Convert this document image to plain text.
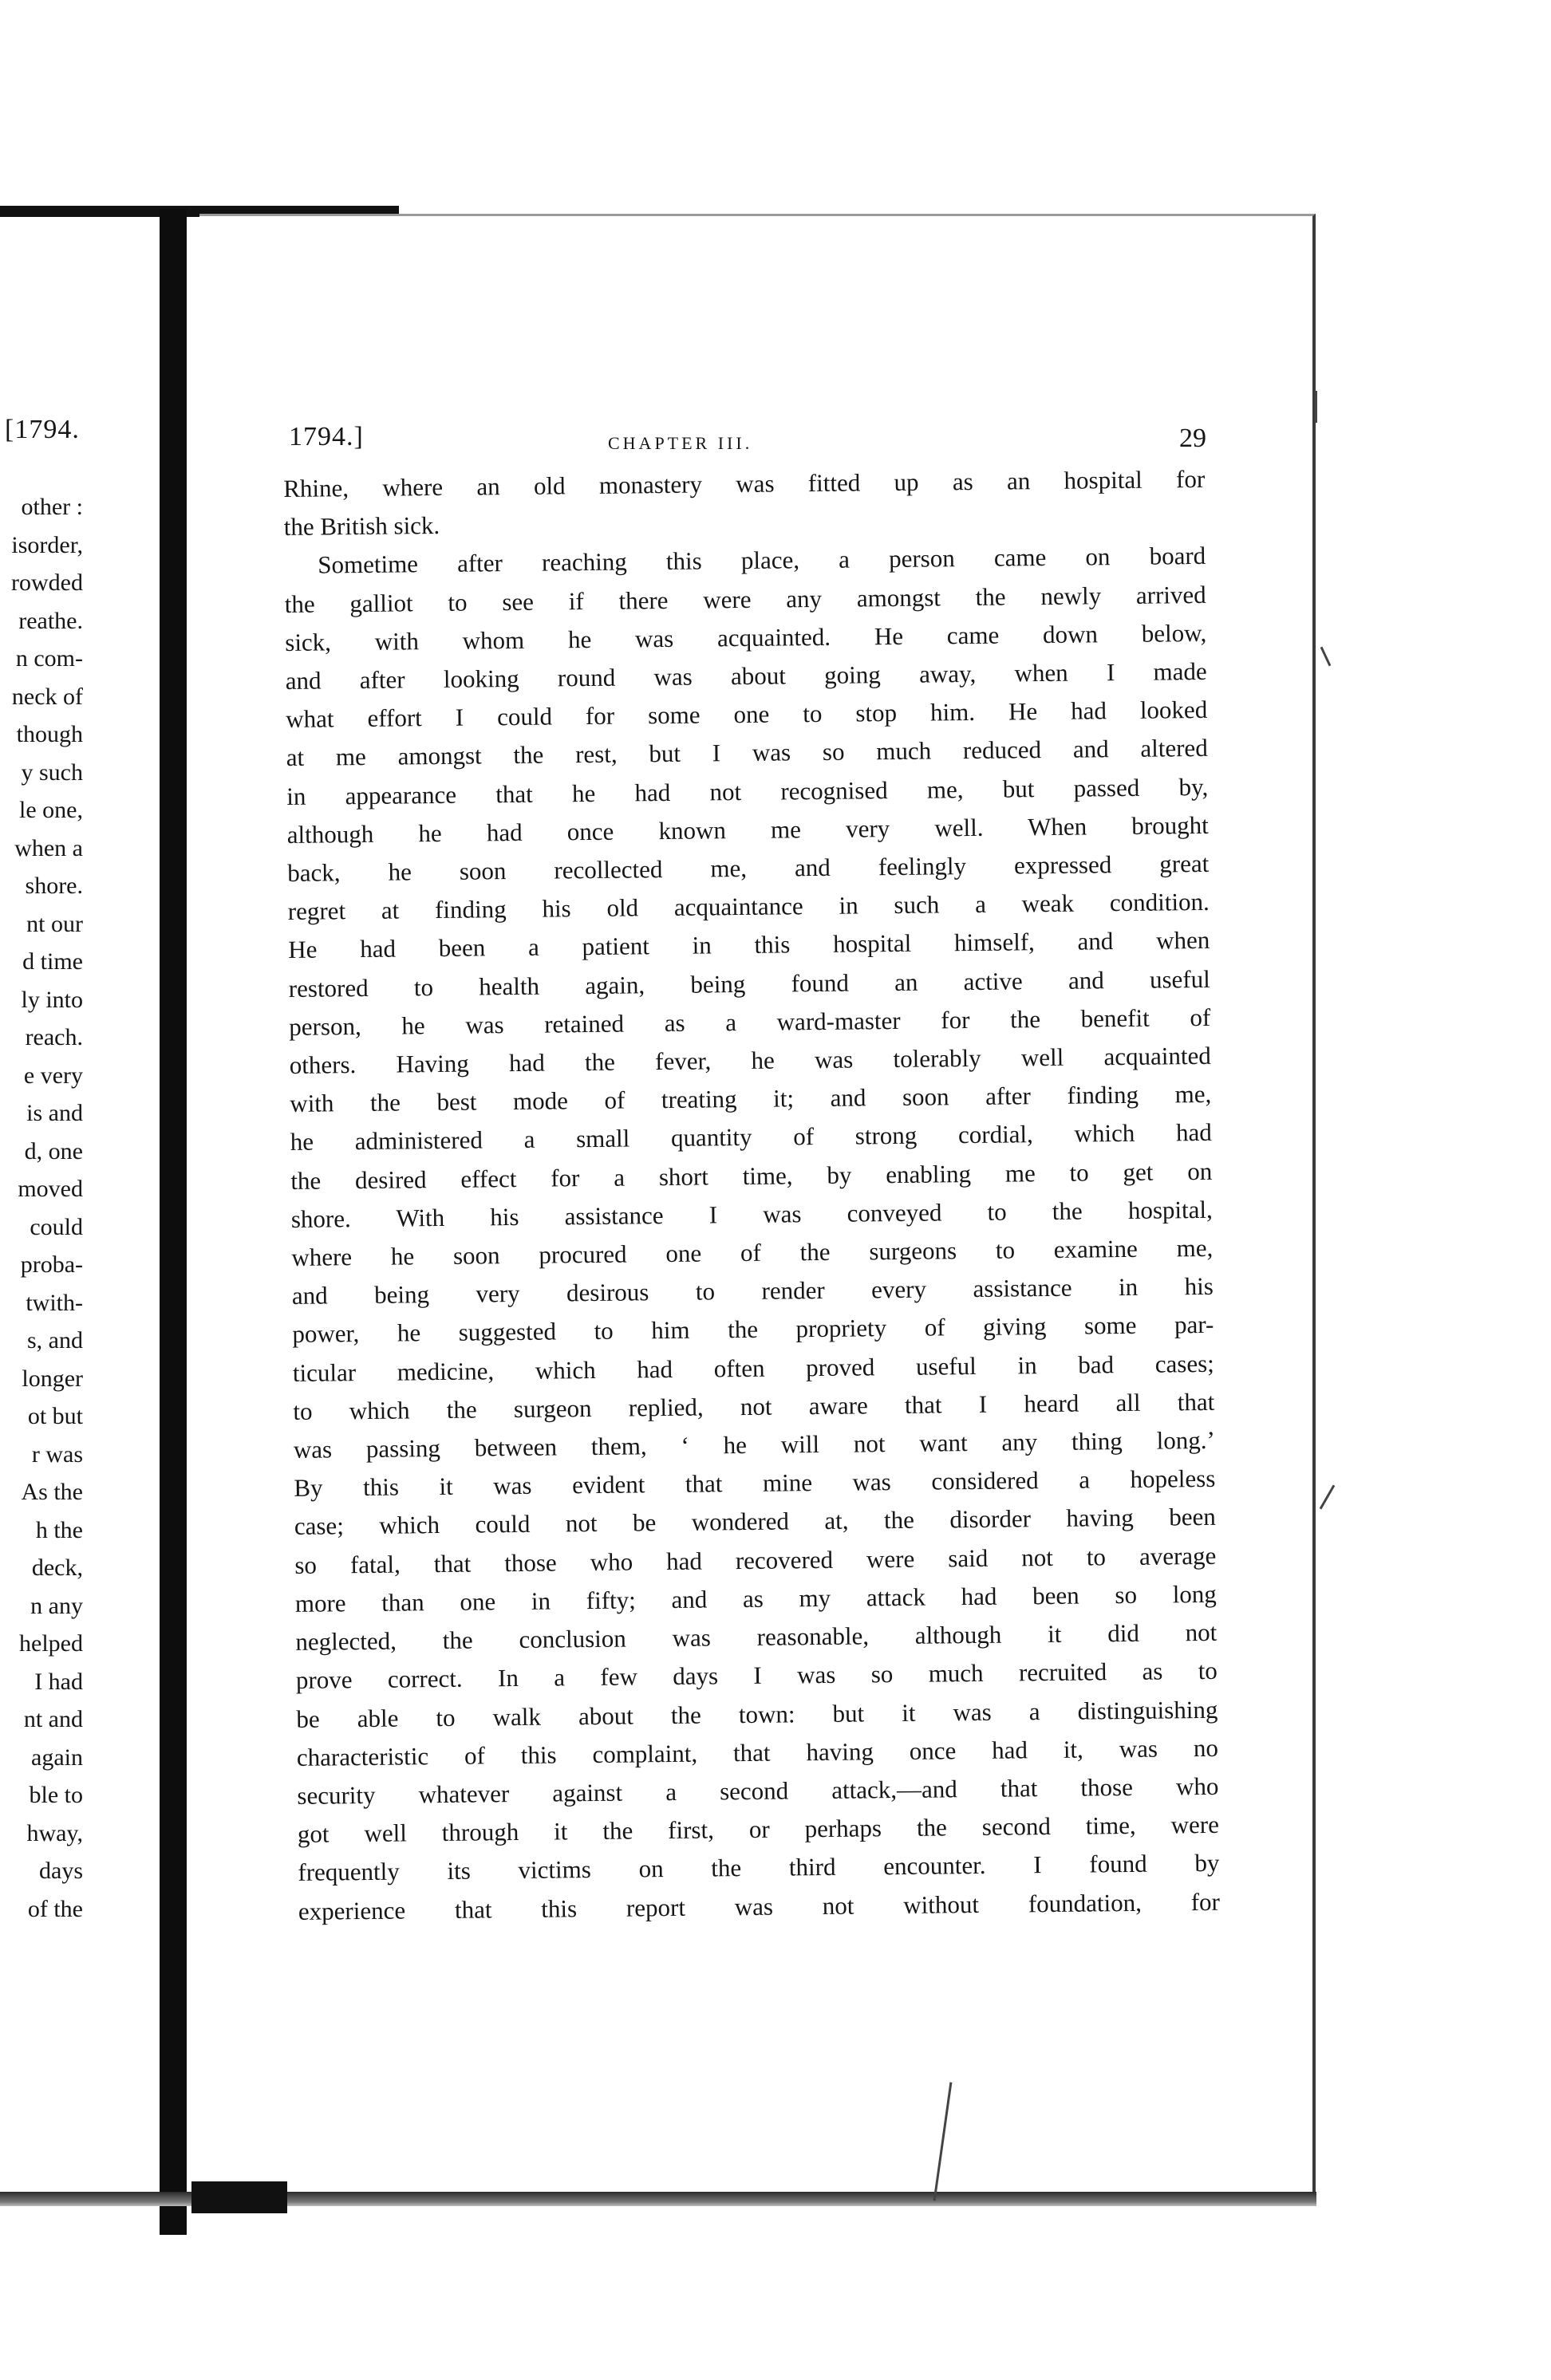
[1794.
other :
isorder,
rowded
reathe.
n com-
neck of
though
y such
le one,
when a
shore.
nt our
d time
ly into
reach.
e very
is and
d, one
moved
could
proba-
twith-
s, and
longer
ot but
r was
As the
h the
deck,
n any
helped
I had
nt and
again
ble to
hway,
days
of the
1794.]	CHAPTER III.	29
Rhine, where an old monastery was fitted up as an hospital for
the British sick.
Sometime after reaching this place, a person came on board
the galliot to see if there were any amongst the newly arrived
sick, with whom he was acquainted. He came down below,
and after looking round was about going away, when I made
what effort I could for some one to stop him. He had looked
at me amongst the rest, but I was so much reduced and altered
in appearance that he had not recognised me, but passed by,
although he had once known me very well. When brought
back, he soon recollected me, and feelingly expressed great
regret at finding his old acquaintance in such a weak condition.
He had been a patient in this hospital himself, and when
restored to health again, being found an active and useful
person, he was retained as a ward-master for the benefit of
others. Having had the fever, he was tolerably well acquainted
with the best mode of treating it; and soon after finding me,
he administered a small quantity of strong cordial, which had
the desired effect for a short time, by enabling me to get on
shore. With his assistance I was conveyed to the hospital,
where he soon procured one of the surgeons to examine me,
and being very desirous to render every assistance in his
power, he suggested to him the propriety of giving some par-
ticular medicine, which had often proved useful in bad cases;
to which the surgeon replied, not aware that I heard all that
was passing between them, ‘ he will not want any thing long.’
By this it was evident that mine was considered a hopeless
case; which could not be wondered at, the disorder having been
so fatal, that those who had recovered were said not to average
more than one in fifty; and as my attack had been so long
neglected, the conclusion was reasonable, although it did not
prove correct. In a few days I was so much recruited as to
be able to walk about the town: but it was a distinguishing
characteristic of this complaint, that having once had it, was no
security whatever against a second attack,—and that those who
got well through it the first, or perhaps the second time, were
frequently its victims on the third encounter. I found by
experience that this report was not without foundation, for
